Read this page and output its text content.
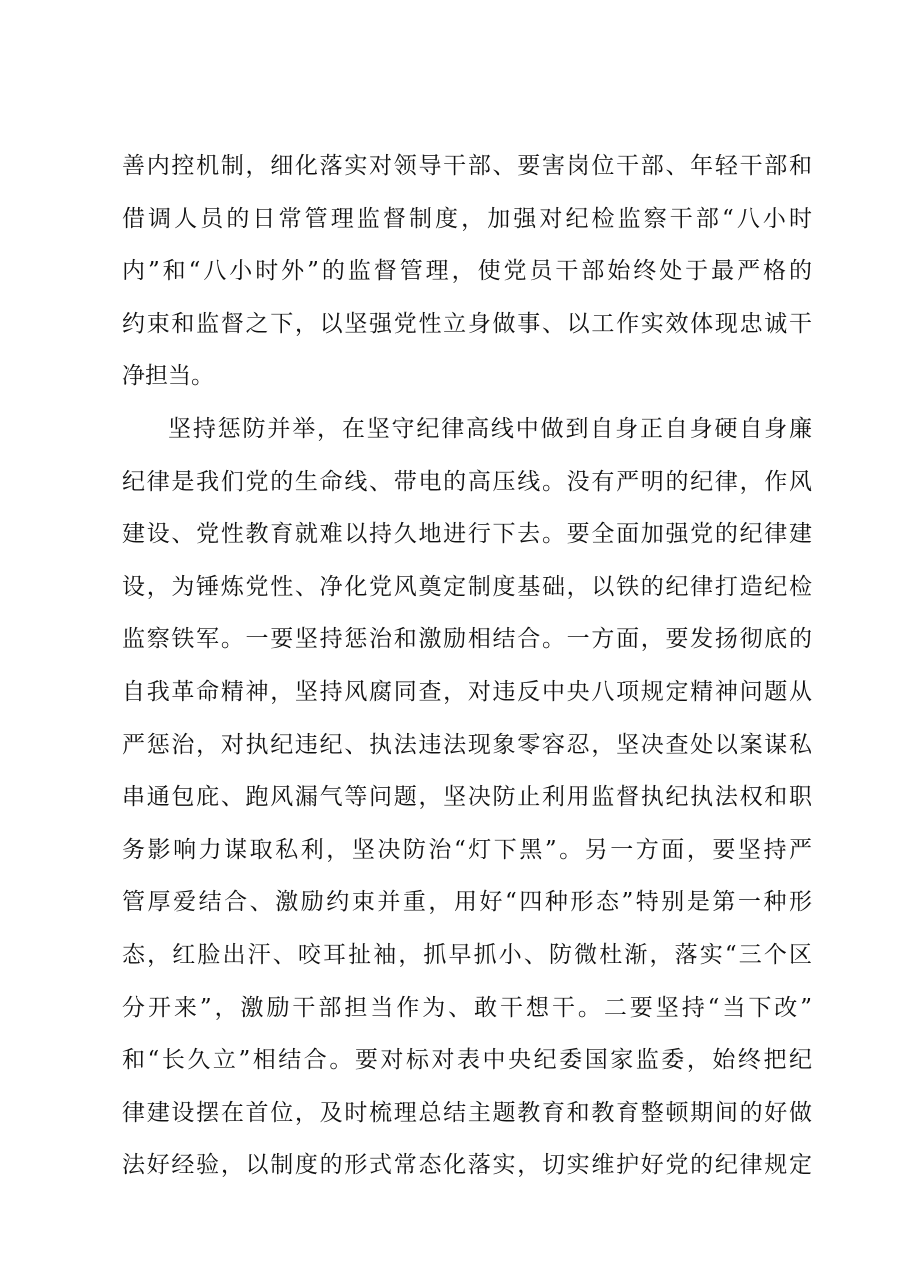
善内控机制，细化落实对领导干部、要害岗位干部、年轻干部和
借调人员的日常管理监督制度，加强对纪检监察干部“八小时
内”和“八小时外”的监督管理，使党员干部始终处于最严格的
约束和监督之下，以坚强党性立身做事、以工作实效体现忠诚干
净担当。
坚持惩防并举，在坚守纪律高线中做到自身正自身硬自身廉
纪律是我们党的生命线、带电的高压线。没有严明的纪律，作风
建设、党性教育就难以持久地进行下去。要全面加强党的纪律建
设，为锤炼党性、净化党风奠定制度基础，以铁的纪律打造纪检
监察铁军。一要坚持惩治和激励相结合。一方面，要发扬彻底的
自我革命精神，坚持风腐同查，对违反中央八项规定精神问题从
严惩治，对执纪违纪、执法违法现象零容忍，坚决查处以案谋私
串通包庇、跑风漏气等问题，坚决防止利用监督执纪执法权和职
务影响力谋取私利，坚决防治“灯下黑”。另一方面，要坚持严
管厚爱结合、激励约束并重，用好“四种形态”特别是第一种形
态，红脸出汗、咬耳扯袖，抓早抓小、防微杜渐，落实“三个区
分开来”，激励干部担当作为、敢干想干。二要坚持“当下改”
和“长久立”相结合。要对标对表中央纪委国家监委，始终把纪
律建设摆在首位，及时梳理总结主题教育和教育整顿期间的好做
法好经验，以制度的形式常态化落实，切实维护好党的纪律规定
